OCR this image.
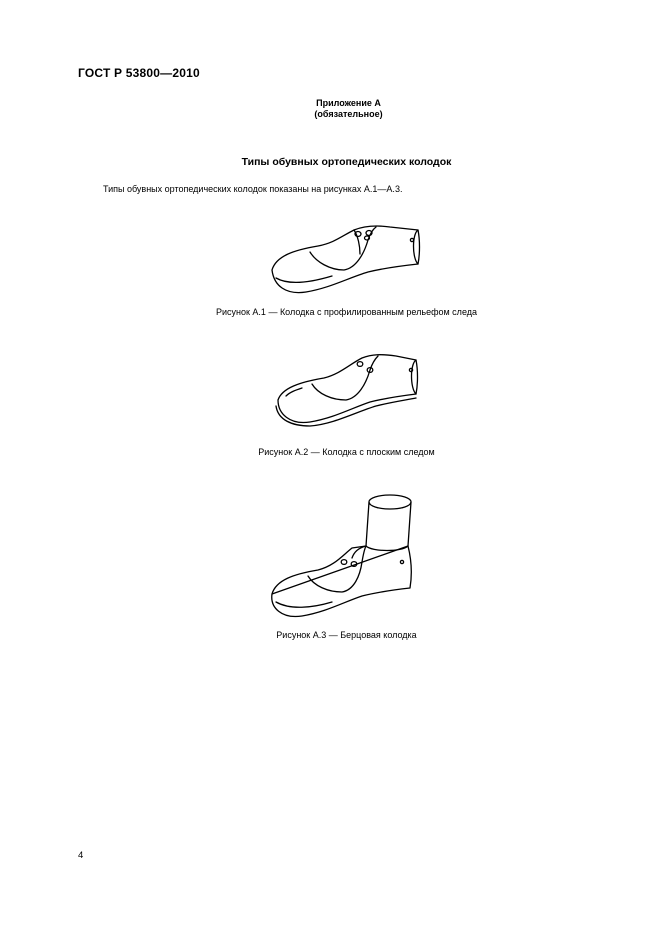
ГОСТ Р 53800—2010
Приложение А
(обязательное)
Типы обувных ортопедических колодок
Типы обувных ортопедических колодок показаны на рисунках А.1—А.3.
Рисунок А.1 — Колодка с профилированным рельефом следа
Рисунок А.2 — Колодка с плоским следом
Рисунок А.3 — Берцовая колодка
4
